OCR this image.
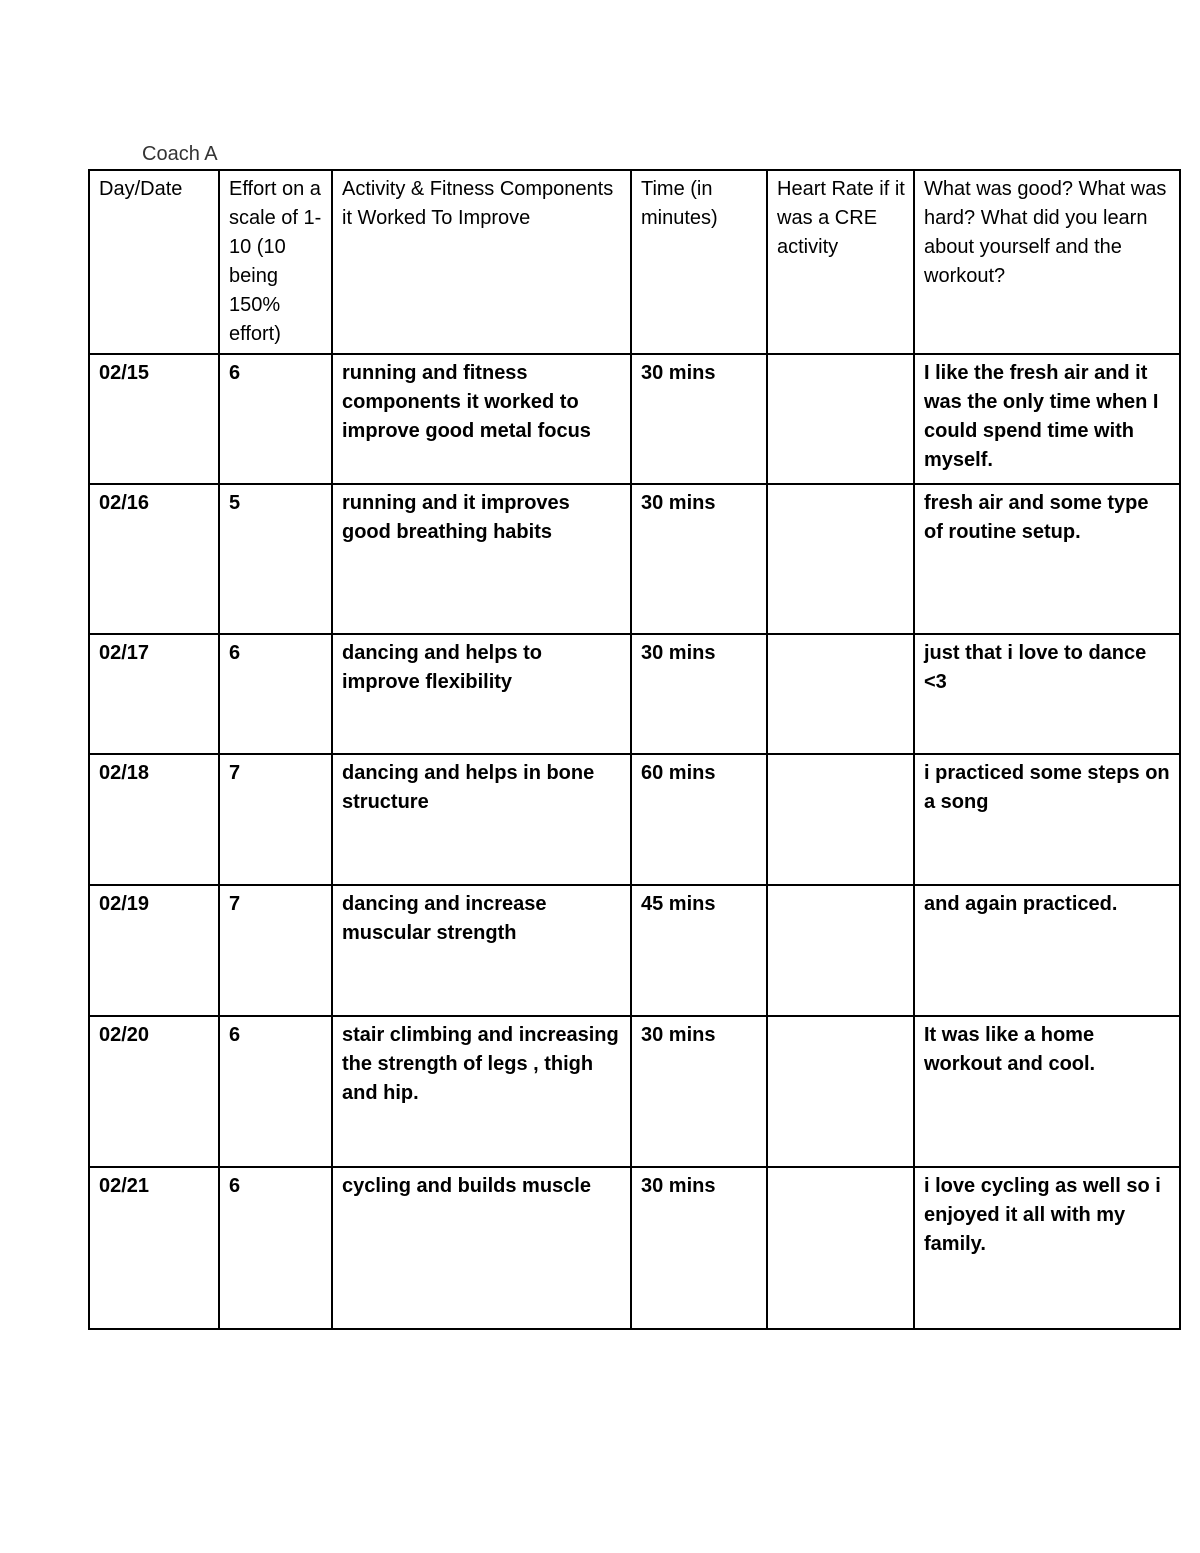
Coach A
Day/Date	Effort on a scale of 1-10 (10 being 150% effort)	Activity & Fitness Components it Worked To Improve	Time (in minutes)	Heart Rate if it was a CRE activity	What was good? What was hard? What did you learn about yourself and the workout?
02/15	6	running and fitness components it worked to improve good metal focus	30 mins		I like the fresh air and it was the only time when I could spend time with myself.
02/16	5	running and it improves good breathing habits	30 mins		fresh air and some type of routine setup.
02/17	6	dancing and helps to improve flexibility	30 mins		just that i love to dance <3
02/18	7	dancing and helps in bone structure	60 mins		i practiced some steps on a song
02/19	7	dancing and increase muscular strength	45 mins		and again practiced.
02/20	6	stair climbing and increasing the strength of legs , thigh and hip.	30 mins		It was like a home workout and cool.
02/21	6	cycling and builds muscle	30 mins		i love cycling as well so i enjoyed it all with my family.
